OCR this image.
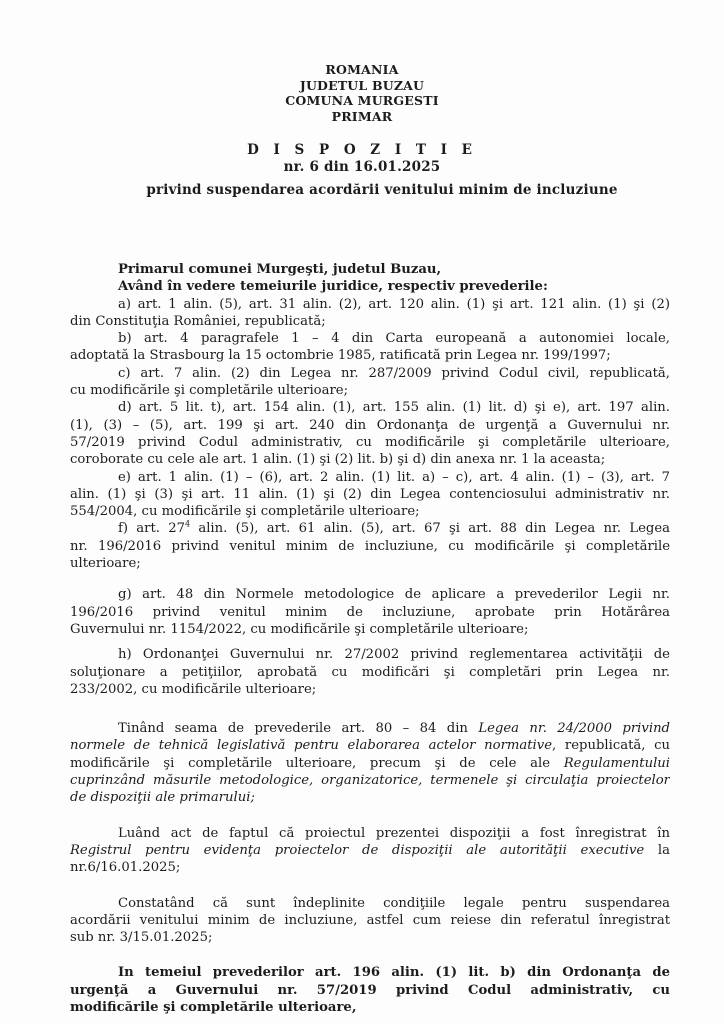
ROMANIA
JUDETUL BUZAU
COMUNA MURGESTI
PRIMAR
D I S P O Z I T I E
nr. 6 din 16.01.2025
privind suspendarea acordării venitului minim de incluziune
Primarul comunei Murgeşti, judetul Buzau,
Având în vedere temeiurile juridice, respectiv prevederile:
a) art. 1 alin. (5), art. 31 alin. (2), art. 120 alin. (1) şi art. 121 alin. (1) şi (2)
din Constituţia României, republicată;
b) art. 4 paragrafele 1 – 4 din Carta europeană a autonomiei locale,
adoptată la Strasbourg la 15 octombrie 1985, ratificată prin Legea nr. 199/1997;
c) art. 7 alin. (2) din Legea nr. 287/2009 privind Codul civil, republicată,
cu modificările şi completările ulterioare;
d) art. 5 lit. t), art. 154 alin. (1), art. 155 alin. (1) lit. d) şi e), art. 197 alin.
(1), (3) – (5), art. 199 şi art. 240 din Ordonanţa de urgenţă a Guvernului nr.
57/2019 privind Codul administrativ, cu modificările şi completările ulterioare,
coroborate cu cele ale art. 1 alin. (1) şi (2) lit. b) şi d) din anexa nr. 1 la aceasta;
e) art. 1 alin. (1) – (6), art. 2 alin. (1) lit. a) – c), art. 4 alin. (1) – (3), art. 7
alin. (1) şi (3) şi art. 11 alin. (1) şi (2) din Legea contenciosului administrativ nr.
554/2004, cu modificările şi completările ulterioare;
f) art. $27^4$ alin. (5), art. 61 alin. (5), art. 67 şi art. 88 din Legea nr. Legea
nr. 196/2016 privind venitul minim de incluziune, cu modificările şi completările
ulterioare;
g) art. 48 din Normele metodologice de aplicare a prevederilor Legii nr.
196/2016 privind venitul minim de incluziune, aprobate prin Hotărârea
Guvernului nr. 1154/2022, cu modificările şi completările ulterioare;
h) Ordonanţei Guvernului nr. 27/2002 privind reglementarea activităţii de
soluţionare a petiţiilor, aprobată cu modificări şi completări prin Legea nr.
233/2002, cu modificările ulterioare;
Tinând seama de prevederile art. 80 – 84 din Legea nr. 24/2000 privind
normele de tehnică legislativă pentru elaborarea actelor normative, republicată, cu
modificările şi completările ulterioare, precum şi de cele ale Regulamentului
cuprinzând măsurile metodologice, organizatorice, termenele şi circulaţia proiectelor
de dispoziţii ale primarului;
Luând act de faptul că proiectul prezentei dispoziţii a fost înregistrat în
Registrul pentru evidenţa proiectelor de dispoziţii ale autorităţii executive la
nr.6/16.01.2025;
Constatând că sunt îndeplinite condiţiile legale pentru suspendarea
acordării venitului minim de incluziune, astfel cum reiese din referatul înregistrat
sub nr. 3/15.01.2025;
In temeiul prevederilor art. 196 alin. (1) lit. b) din Ordonanţa de
urgenţă a Guvernului nr. 57/2019 privind Codul administrativ, cu
modificările şi completările ulterioare,
